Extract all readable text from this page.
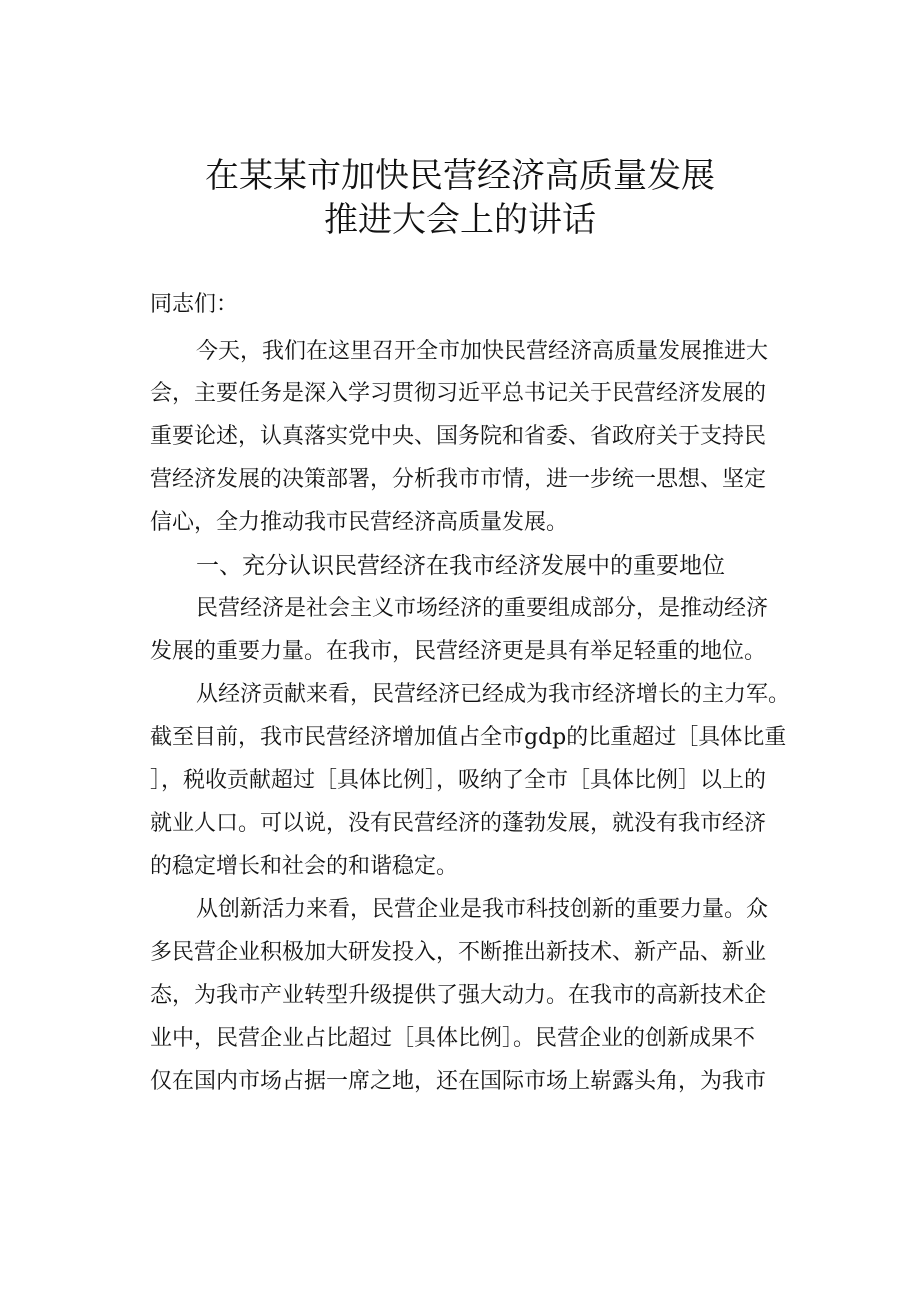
在某某市加快民营经济高质量发展
推进大会上的讲话
同志们：
今天，我们在这里召开全市加快民营经济高质量发展推进大
会，主要任务是深入学习贯彻习近平总书记关于民营经济发展的
重要论述，认真落实党中央、国务院和省委、省政府关于支持民
营经济发展的决策部署，分析我市市情，进一步统一思想、坚定
信心，全力推动我市民营经济高质量发展。
一、充分认识民营经济在我市经济发展中的重要地位
民营经济是社会主义市场经济的重要组成部分，是推动经济
发展的重要力量。在我市，民营经济更是具有举足轻重的地位。
从经济贡献来看，民营经济已经成为我市经济增长的主力军。
截至目前，我市民营经济增加值占全市gdp的比重超过［具体比重
］，税收贡献超过［具体比例］，吸纳了全市［具体比例］以上的
就业人口。可以说，没有民营经济的蓬勃发展，就没有我市经济
的稳定增长和社会的和谐稳定。
从创新活力来看，民营企业是我市科技创新的重要力量。众
多民营企业积极加大研发投入，不断推出新技术、新产品、新业
态，为我市产业转型升级提供了强大动力。在我市的高新技术企
业中，民营企业占比超过［具体比例］。民营企业的创新成果不
仅在国内市场占据一席之地，还在国际市场上崭露头角，为我市
